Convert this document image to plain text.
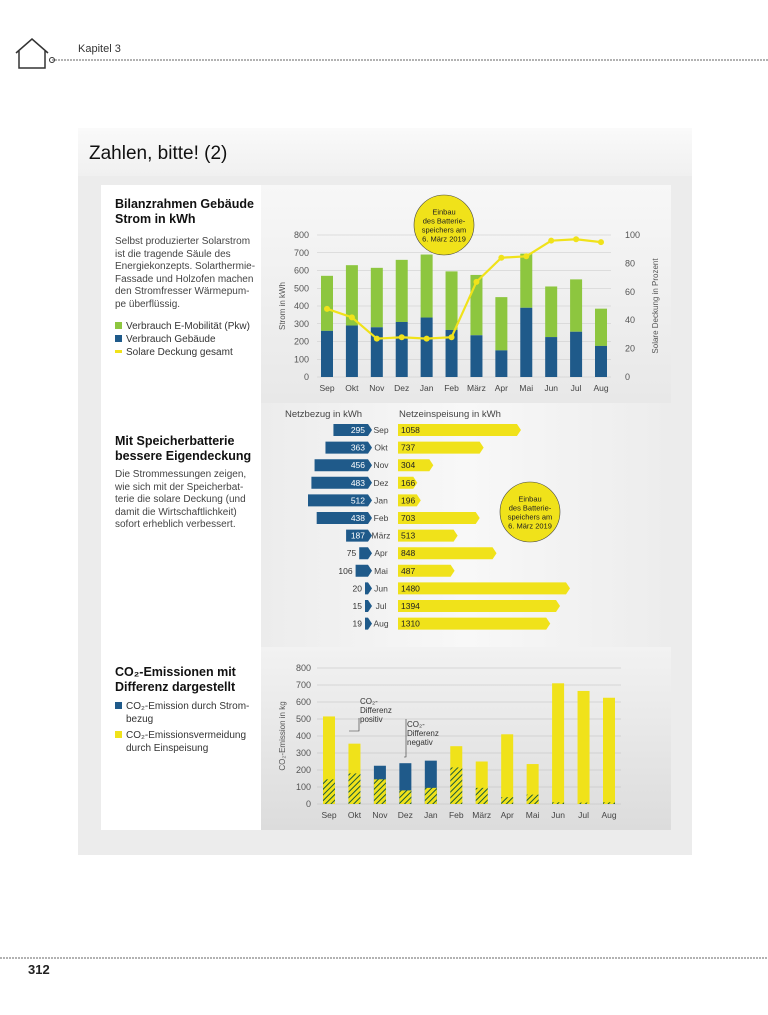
Kapitel 3
Zahlen, bitte! (2)
Bilanzrahmen Gebäude
Strom in kWh
Selbst produzierter Solarstrom
ist die tragende Säule des
Energiekonzepts. Solarthermie-
Fassade und Holzofen machen
den Stromfresser Wärmepum-
pe überflüssig.
Verbrauch E-Mobilität (Pkw)
Verbrauch Gebäude
Solare Deckung gesamt
0
100
200
300
400
500
600
700
800
0
20
40
60
80
100
Strom in kWh	Solare Deckung in Prozent
Sep Okt Nov Dez Jan Feb März Apr Mai Jun Jul Aug
Einbau
des Batterie-
speichers am
6. März 2019
Mit Speicherbatterie
bessere Eigendeckung
Die Strommessungen zeigen,
wie sich mit der Speicherbat-
terie die solare Deckung (und
damit die Wirtschaftlichkeit)
sofort erheblich verbessert.
Netzbezug in kWh	Netzeinspeisung in kWh
295 Sep 1058
363 Okt 737
456 Nov 304
483 Dez 166
512 Jan 196
438 Feb 703
187 März 513
75 Apr 848
106	Mai 487
20 Jun 1480
15 Jul 1394
19 Aug 1310
Einbau
des Batterie-
speichers am
6. März 2019
CO₂-Emissionen mit
Differenz dargestellt
CO₂-Emission durch Strom-
bezug
CO₂-Emissionsvermeidung
durch Einspeisung
0
100
200
300
400
500
600
700
800
CO₂-Emission in kg
Sep Okt Nov Dez Jan Feb März Apr Mai Jun Jul Aug
CO₂-
Differenz
positiv
CO₂-
Differenz
negativ
312
